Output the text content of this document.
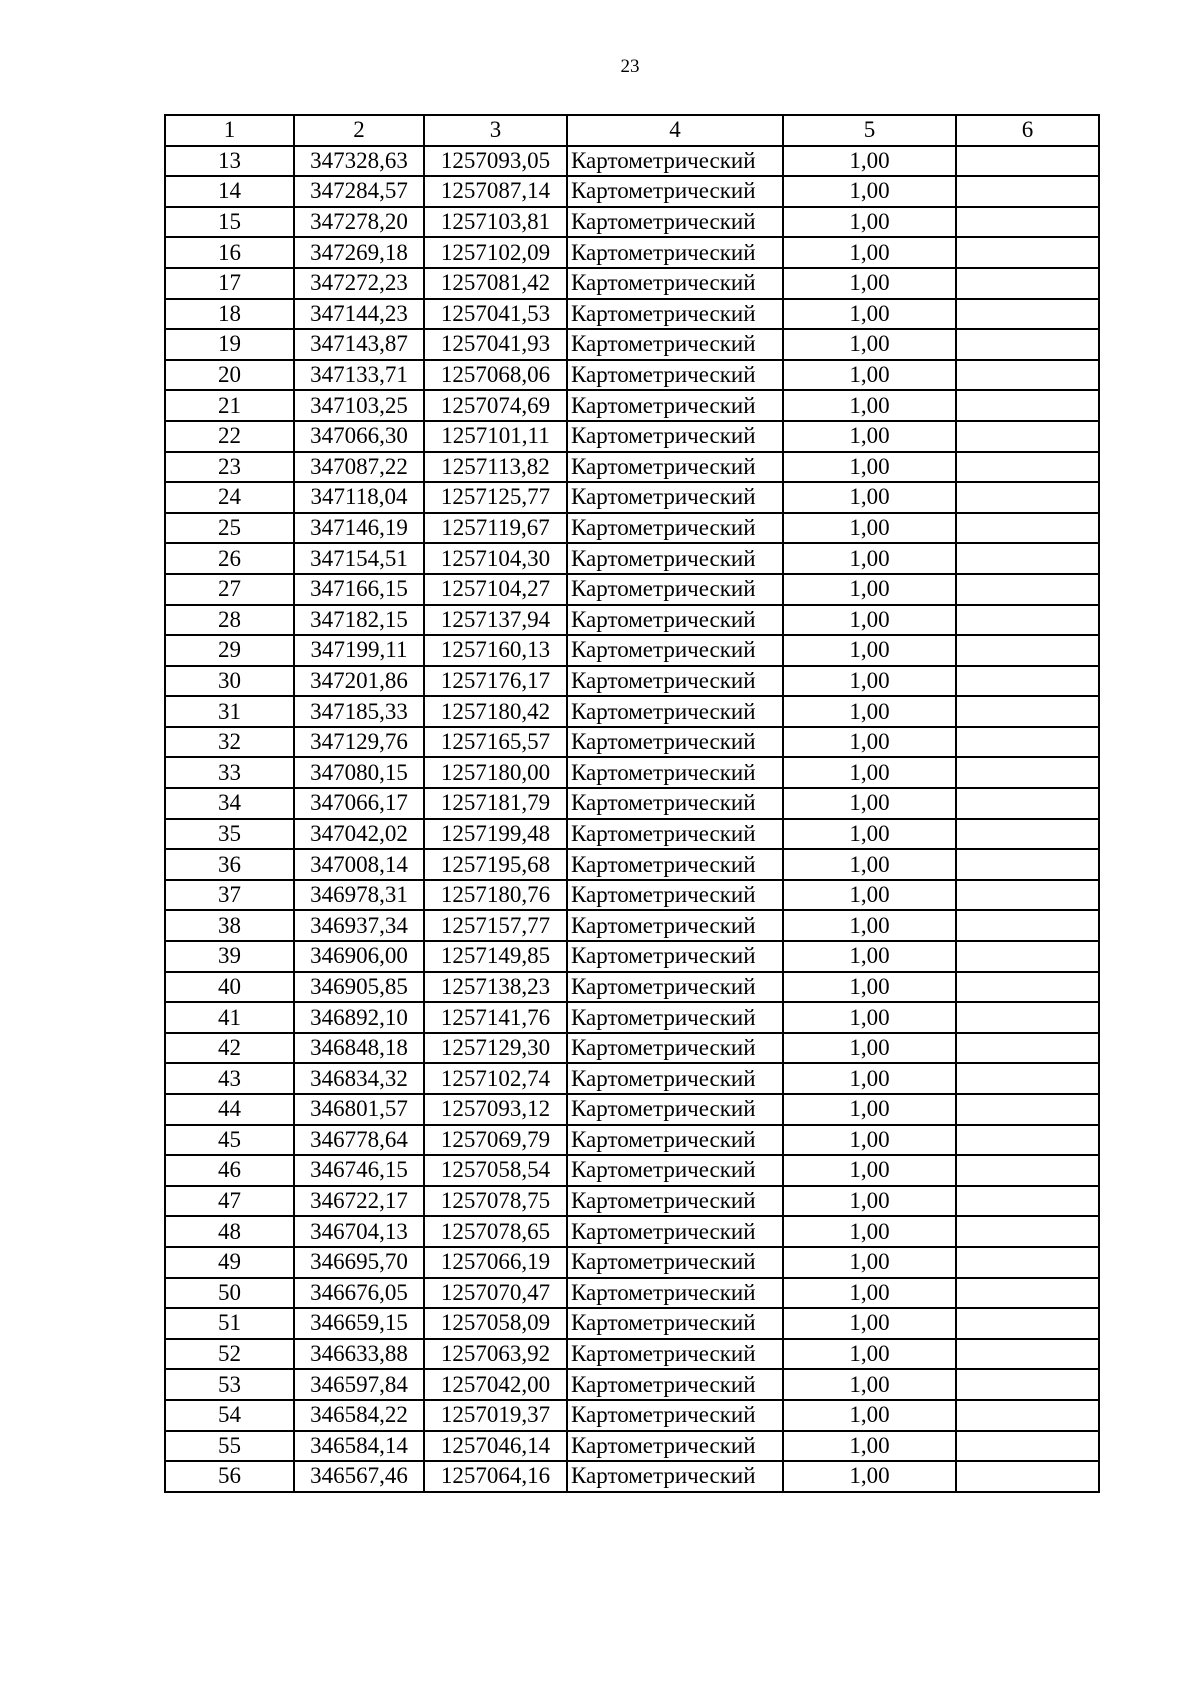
23
1	2	3	4	5	6
13	347328,63	1257093,05	Картометрический	1,00	
14	347284,57	1257087,14	Картометрический	1,00	
15	347278,20	1257103,81	Картометрический	1,00	
16	347269,18	1257102,09	Картометрический	1,00	
17	347272,23	1257081,42	Картометрический	1,00	
18	347144,23	1257041,53	Картометрический	1,00	
19	347143,87	1257041,93	Картометрический	1,00	
20	347133,71	1257068,06	Картометрический	1,00	
21	347103,25	1257074,69	Картометрический	1,00	
22	347066,30	1257101,11	Картометрический	1,00	
23	347087,22	1257113,82	Картометрический	1,00	
24	347118,04	1257125,77	Картометрический	1,00	
25	347146,19	1257119,67	Картометрический	1,00	
26	347154,51	1257104,30	Картометрический	1,00	
27	347166,15	1257104,27	Картометрический	1,00	
28	347182,15	1257137,94	Картометрический	1,00	
29	347199,11	1257160,13	Картометрический	1,00	
30	347201,86	1257176,17	Картометрический	1,00	
31	347185,33	1257180,42	Картометрический	1,00	
32	347129,76	1257165,57	Картометрический	1,00	
33	347080,15	1257180,00	Картометрический	1,00	
34	347066,17	1257181,79	Картометрический	1,00	
35	347042,02	1257199,48	Картометрический	1,00	
36	347008,14	1257195,68	Картометрический	1,00	
37	346978,31	1257180,76	Картометрический	1,00	
38	346937,34	1257157,77	Картометрический	1,00	
39	346906,00	1257149,85	Картометрический	1,00	
40	346905,85	1257138,23	Картометрический	1,00	
41	346892,10	1257141,76	Картометрический	1,00	
42	346848,18	1257129,30	Картометрический	1,00	
43	346834,32	1257102,74	Картометрический	1,00	
44	346801,57	1257093,12	Картометрический	1,00	
45	346778,64	1257069,79	Картометрический	1,00	
46	346746,15	1257058,54	Картометрический	1,00	
47	346722,17	1257078,75	Картометрический	1,00	
48	346704,13	1257078,65	Картометрический	1,00	
49	346695,70	1257066,19	Картометрический	1,00	
50	346676,05	1257070,47	Картометрический	1,00	
51	346659,15	1257058,09	Картометрический	1,00	
52	346633,88	1257063,92	Картометрический	1,00	
53	346597,84	1257042,00	Картометрический	1,00	
54	346584,22	1257019,37	Картометрический	1,00	
55	346584,14	1257046,14	Картометрический	1,00	
56	346567,46	1257064,16	Картометрический	1,00	
